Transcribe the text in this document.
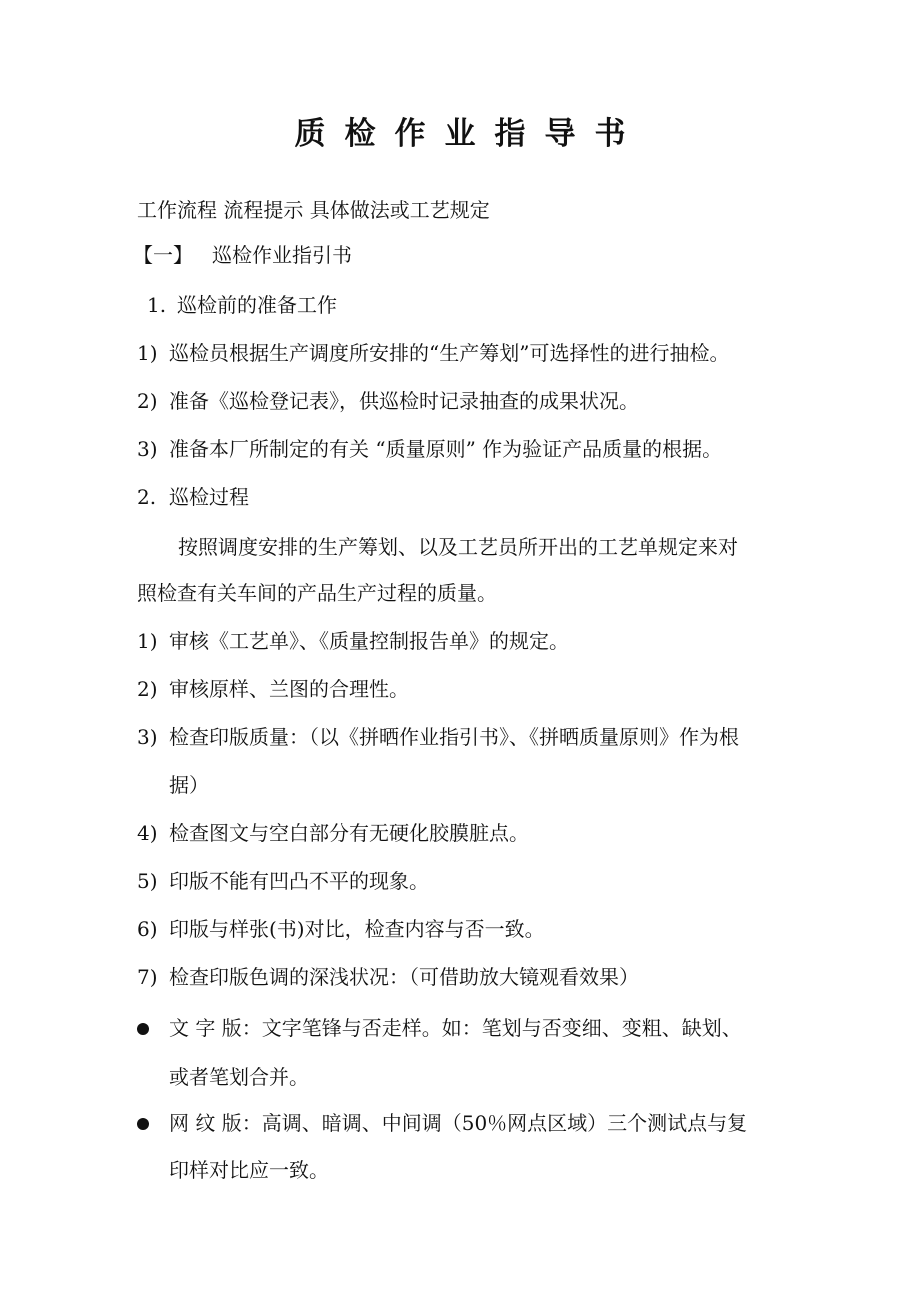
质检作业指导书
工作流程 流程提示 具体做法或工艺规定
【一】 巡检作业指引书
1. 巡检前的准备工作
1) 巡检员根据生产调度所安排的“生产筹划”可选择性的进行抽检。
2) 准备《巡检登记表》，供巡检时记录抽查的成果状况。
3) 准备本厂所制定的有关 “质量原则” 作为验证产品质量的根据。
2. 巡检过程
按照调度安排的生产筹划、以及工艺员所开出的工艺单规定来对
照检查有关车间的产品生产过程的质量。
1) 审核《工艺单》、《质量控制报告单》的规定。
2) 审核原样、兰图的合理性。
3) 检查印版质量：（以《拼晒作业指引书》、《拼晒质量原则》作为根
据）
4) 检查图文与空白部分有无硬化胶膜脏点。
5) 印版不能有凹凸不平的现象。
6) 印版与样张(书)对比，检查内容与否一致。
7) 检查印版色调的深浅状况：（可借助放大镜观看效果）
文 字 版：文字笔锋与否走样。如：笔划与否变细、变粗、缺划、
或者笔划合并。
网 纹 版：高调、暗调、中间调（50％网点区域）三个测试点与复
印样对比应一致。
